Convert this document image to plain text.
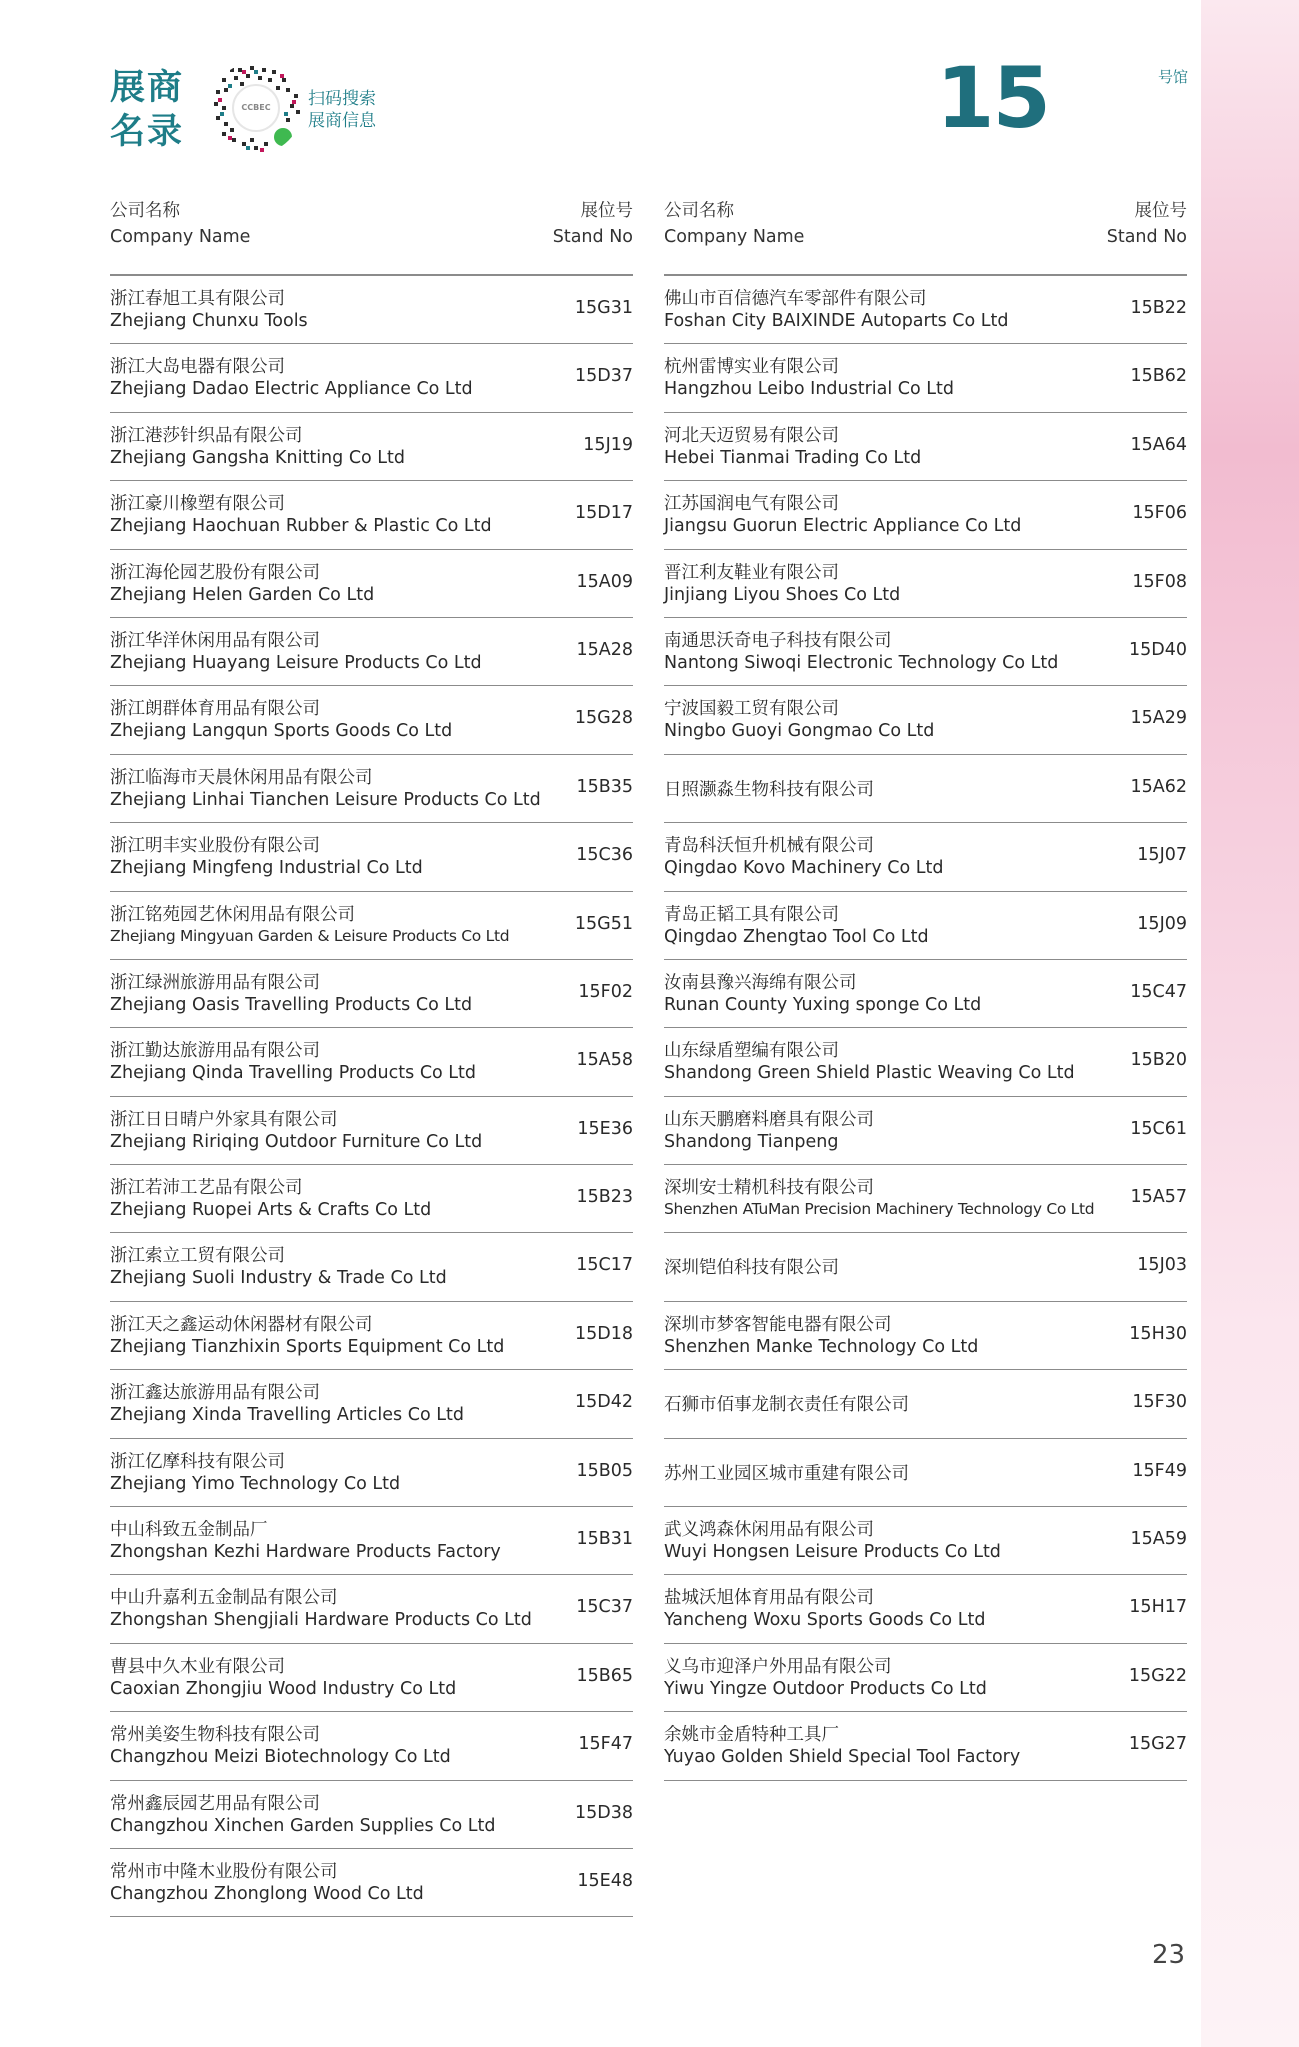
展商
名录
CCBEC	扫码搜索
展商信息	15	号馆
公司名称
Company Name
展位号
Stand No
浙江春旭工具有限公司
Zhejiang Chunxu Tools
15G31
浙江大岛电器有限公司
Zhejiang Dadao Electric Appliance Co Ltd
15D37
浙江港莎针织品有限公司
Zhejiang Gangsha Knitting Co Ltd
15J19
浙江豪川橡塑有限公司
Zhejiang Haochuan Rubber & Plastic Co Ltd
15D17
浙江海伦园艺股份有限公司
Zhejiang Helen Garden Co Ltd
15A09
浙江华洋休闲用品有限公司
Zhejiang Huayang Leisure Products Co Ltd
15A28
浙江朗群体育用品有限公司
Zhejiang Langqun Sports Goods Co Ltd
15G28
浙江临海市天晨休闲用品有限公司
Zhejiang Linhai Tianchen Leisure Products Co Ltd
15B35
浙江明丰实业股份有限公司
Zhejiang Mingfeng Industrial Co Ltd
15C36
浙江铭苑园艺休闲用品有限公司
Zhejiang Mingyuan Garden & Leisure Products Co Ltd
15G51
浙江绿洲旅游用品有限公司
Zhejiang Oasis Travelling Products Co Ltd
15F02
浙江勤达旅游用品有限公司
Zhejiang Qinda Travelling Products Co Ltd
15A58
浙江日日晴户外家具有限公司
Zhejiang Ririqing Outdoor Furniture Co Ltd
15E36
浙江若沛工艺品有限公司
Zhejiang Ruopei Arts & Crafts Co Ltd
15B23
浙江索立工贸有限公司
Zhejiang Suoli Industry & Trade Co Ltd
15C17
浙江天之鑫运动休闲器材有限公司
Zhejiang Tianzhixin Sports Equipment Co Ltd
15D18
浙江鑫达旅游用品有限公司
Zhejiang Xinda Travelling Articles Co Ltd
15D42
浙江亿摩科技有限公司
Zhejiang Yimo Technology Co Ltd
15B05
中山科致五金制品厂
Zhongshan Kezhi Hardware Products Factory
15B31
中山升嘉利五金制品有限公司
Zhongshan Shengjiali Hardware Products Co Ltd
15C37
曹县中久木业有限公司
Caoxian Zhongjiu Wood Industry Co Ltd
15B65
常州美姿生物科技有限公司
Changzhou Meizi Biotechnology Co Ltd
15F47
常州鑫辰园艺用品有限公司
Changzhou Xinchen Garden Supplies Co Ltd
15D38
常州市中隆木业股份有限公司
Changzhou Zhonglong Wood Co Ltd
15E48
公司名称
Company Name
展位号
Stand No
佛山市百信德汽车零部件有限公司
Foshan City BAIXINDE Autoparts Co Ltd
15B22
杭州雷博实业有限公司
Hangzhou Leibo Industrial Co Ltd
15B62
河北天迈贸易有限公司
Hebei Tianmai Trading Co Ltd
15A64
江苏国润电气有限公司
Jiangsu Guorun Electric Appliance Co Ltd
15F06
晋江利友鞋业有限公司
Jinjiang Liyou Shoes Co Ltd
15F08
南通思沃奇电子科技有限公司
Nantong Siwoqi Electronic Technology Co Ltd
15D40
宁波国毅工贸有限公司
Ningbo Guoyi Gongmao Co Ltd
15A29
日照灏淼生物科技有限公司	15A62
青岛科沃恒升机械有限公司
Qingdao Kovo Machinery Co Ltd
15J07
青岛正韬工具有限公司
Qingdao Zhengtao Tool Co Ltd
15J09
汝南县豫兴海绵有限公司
Runan County Yuxing sponge Co Ltd
15C47
山东绿盾塑编有限公司
Shandong Green Shield Plastic Weaving Co Ltd
15B20
山东天鹏磨料磨具有限公司
Shandong Tianpeng
15C61
深圳安士精机科技有限公司
Shenzhen ATuMan Precision Machinery Technology Co Ltd
15A57
深圳铠伯科技有限公司	15J03
深圳市梦客智能电器有限公司
Shenzhen Manke Technology Co Ltd
15H30
石狮市佰事龙制衣责任有限公司	15F30
苏州工业园区城市重建有限公司	15F49
武义鸿森休闲用品有限公司
Wuyi Hongsen Leisure Products Co Ltd
15A59
盐城沃旭体育用品有限公司
Yancheng Woxu Sports Goods Co Ltd
15H17
义乌市迎泽户外用品有限公司
Yiwu Yingze Outdoor Products Co Ltd
15G22
余姚市金盾特种工具厂
Yuyao Golden Shield Special Tool Factory
15G27
23
